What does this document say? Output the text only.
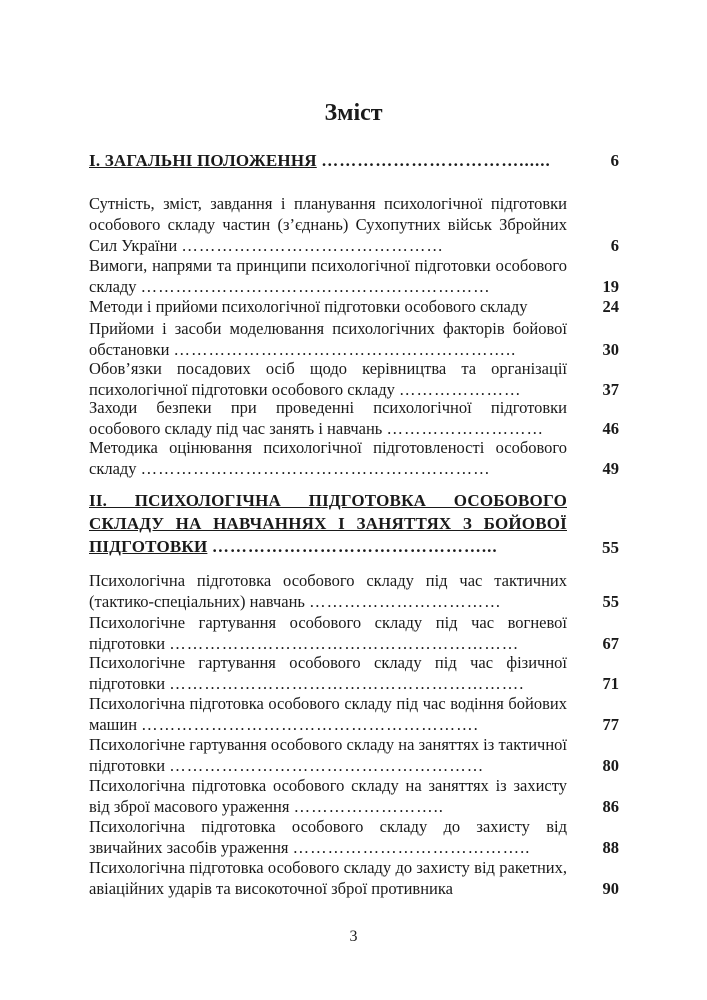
Зміст
І. ЗАГАЛЬНІ ПОЛОЖЕННЯ ……………………………......	6
Сутність, зміст, завдання і планування психологічної підготовки особового складу частин (з’єднань) Сухопутних військ Збройних Сил України ………………………………………	6
Вимоги, напрями та принципи психологічної підготовки особового складу ……………………………………………………	19
Методи і прийоми психологічної підготовки особового складу	24
Прийоми і засоби моделювання психологічних факторів бойової обстановки …………………………………………………..	30
Обов’язки посадових осіб щодо керівництва та організації психологічної підготовки особового складу …………………	37
Заходи безпеки при проведенні психологічної підготовки особового складу під час занять і навчань ………………………	46
Методика оцінювання психологічної підготовленості особового складу ……………………………………………………	49
ІІ. ПСИХОЛОГІЧНА ПІДГОТОВКА ОСОБОВОГО СКЛАДУ НА НАВЧАННЯХ І ЗАНЯТТЯХ З БОЙОВОЇ ПІДГОТОВКИ ………………………………………...	55
Психологічна підготовка особового складу під час тактичних (тактико-спеціальних) навчань ……………………………	55
Психологічне гартування особового складу під час вогневої підготовки ……………………………………………………	67
Психологічне гартування особового складу під час фізичної підготовки …………………………………………………….	71
Психологічна підготовка особового складу під час водіння бойових машин ………………………………………………….	77
Психологічне гартування особового складу на заняттях із тактичної підготовки ………………………………………………	80
Психологічна підготовка особового складу на заняттях із захисту від зброї масового ураження ……………………..	86
Психологічна підготовка особового складу до захисту від звичайних засобів ураження …………………………………..	88
Психологічна підготовка особового складу до захисту від ракетних, авіаційних ударів та високоточної зброї противника	90
3
